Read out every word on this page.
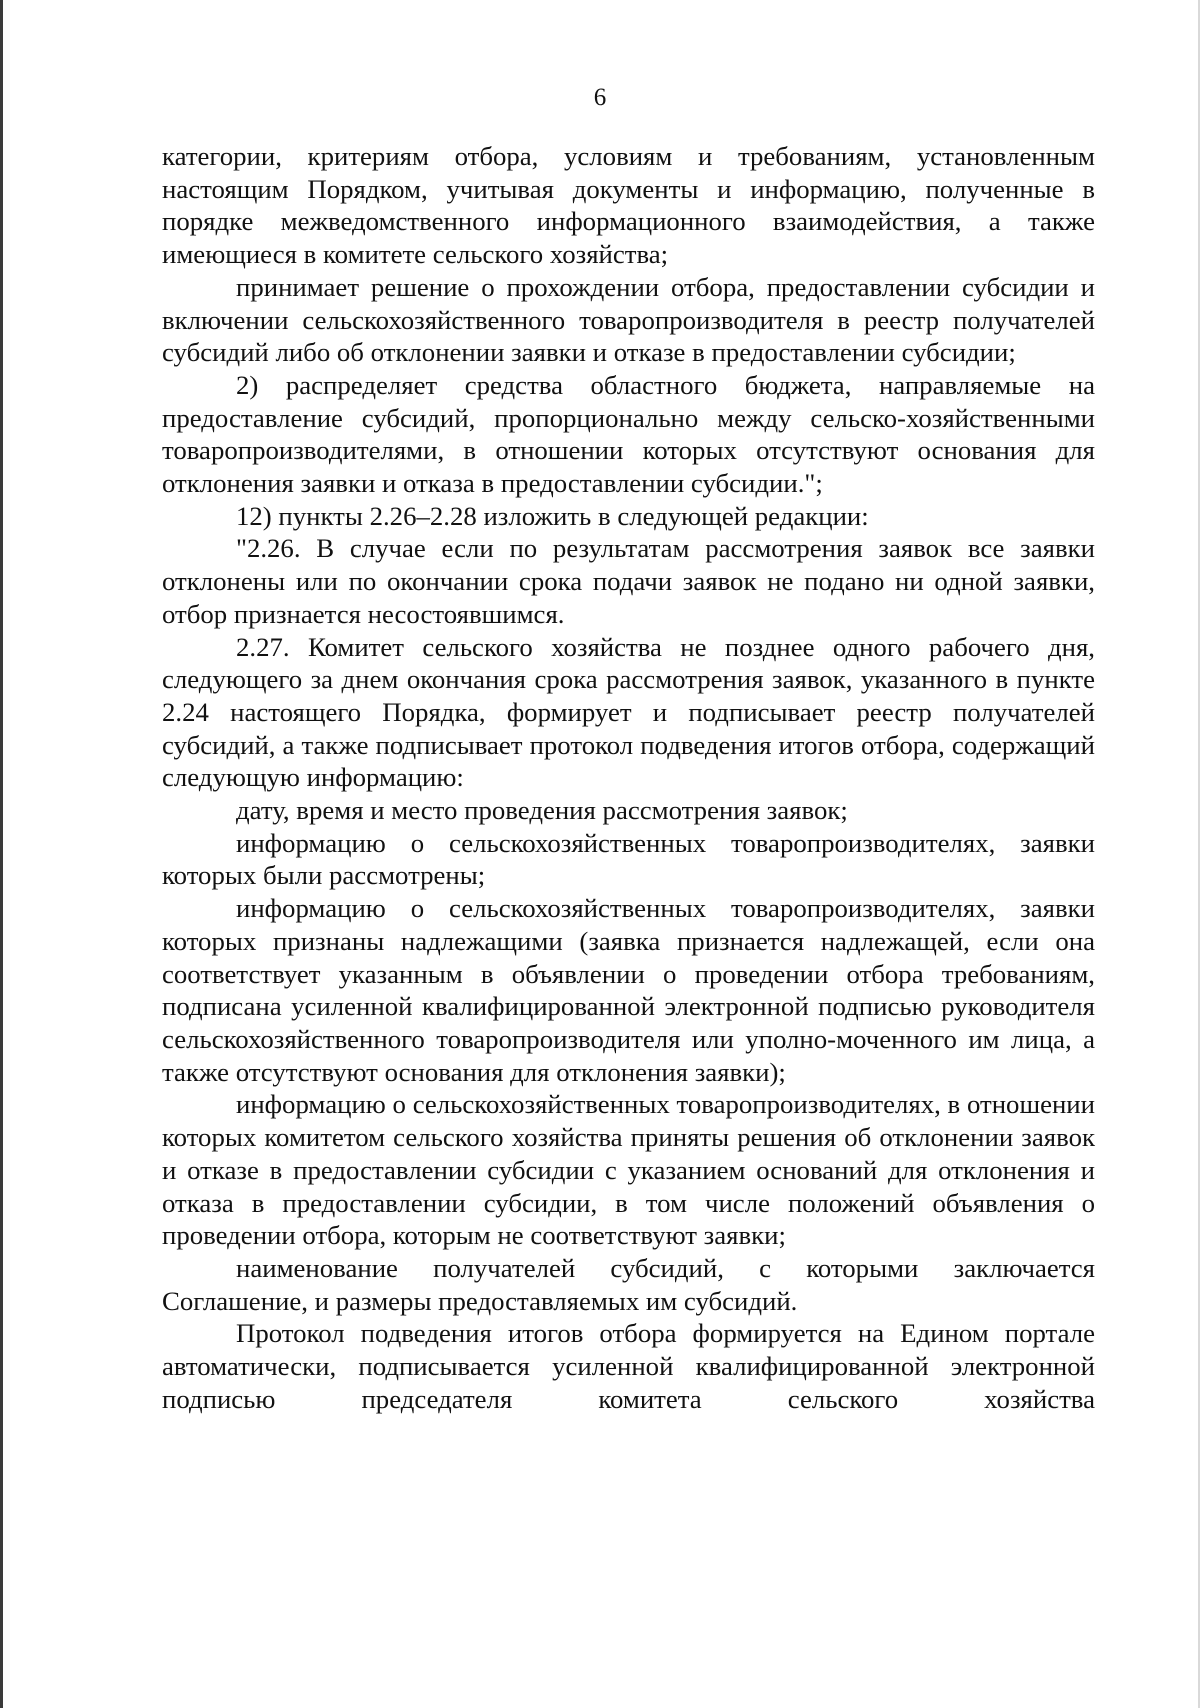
6

категории, критериям отбора, условиям и требованиям, установленным настоящим Порядком, учитывая документы и информацию, полученные в порядке межведомственного информационного взаимодействия, а также имеющиеся в комитете сельского хозяйства;

принимает решение о прохождении отбора, предоставлении субсидии и включении сельскохозяйственного товаропроизводителя в реестр получателей субсидий либо об отклонении заявки и отказе в предоставлении субсидии;

2) распределяет средства областного бюджета, направляемые на предоставление субсидий, пропорционально между сельско-хозяйственными товаропроизводителями, в отношении которых отсутствуют основания для отклонения заявки и отказа в предоставлении субсидии.";

12) пункты 2.26–2.28 изложить в следующей редакции:

"2.26. В случае если по результатам рассмотрения заявок все заявки отклонены или по окончании срока подачи заявок не подано ни одной заявки, отбор признается несостоявшимся.

2.27. Комитет сельского хозяйства не позднее одного рабочего дня, следующего за днем окончания срока рассмотрения заявок, указанного в пункте 2.24 настоящего Порядка, формирует и подписывает реестр получателей субсидий, а также подписывает протокол подведения итогов отбора, содержащий следующую информацию:

дату, время и место проведения рассмотрения заявок;

информацию о сельскохозяйственных товаропроизводителях, заявки которых были рассмотрены;

информацию о сельскохозяйственных товаропроизводителях, заявки которых признаны надлежащими (заявка признается надлежащей, если она соответствует указанным в объявлении о проведении отбора требованиям, подписана усиленной квалифицированной электронной подписью руководителя сельскохозяйственного товаропроизводителя или уполно-моченного им лица, а также отсутствуют основания для отклонения заявки);

информацию о сельскохозяйственных товаропроизводителях, в отношении которых комитетом сельского хозяйства приняты решения об отклонении заявок и отказе в предоставлении субсидии с указанием оснований для отклонения и отказа в предоставлении субсидии, в том числе положений объявления о проведении отбора, которым не соответствуют заявки;

наименование получателей субсидий, с которыми заключается Соглашение, и размеры предоставляемых им субсидий.

Протокол подведения итогов отбора формируется на Едином портале автоматически, подписывается усиленной квалифицированной электронной подписью председателя комитета сельского хозяйства
